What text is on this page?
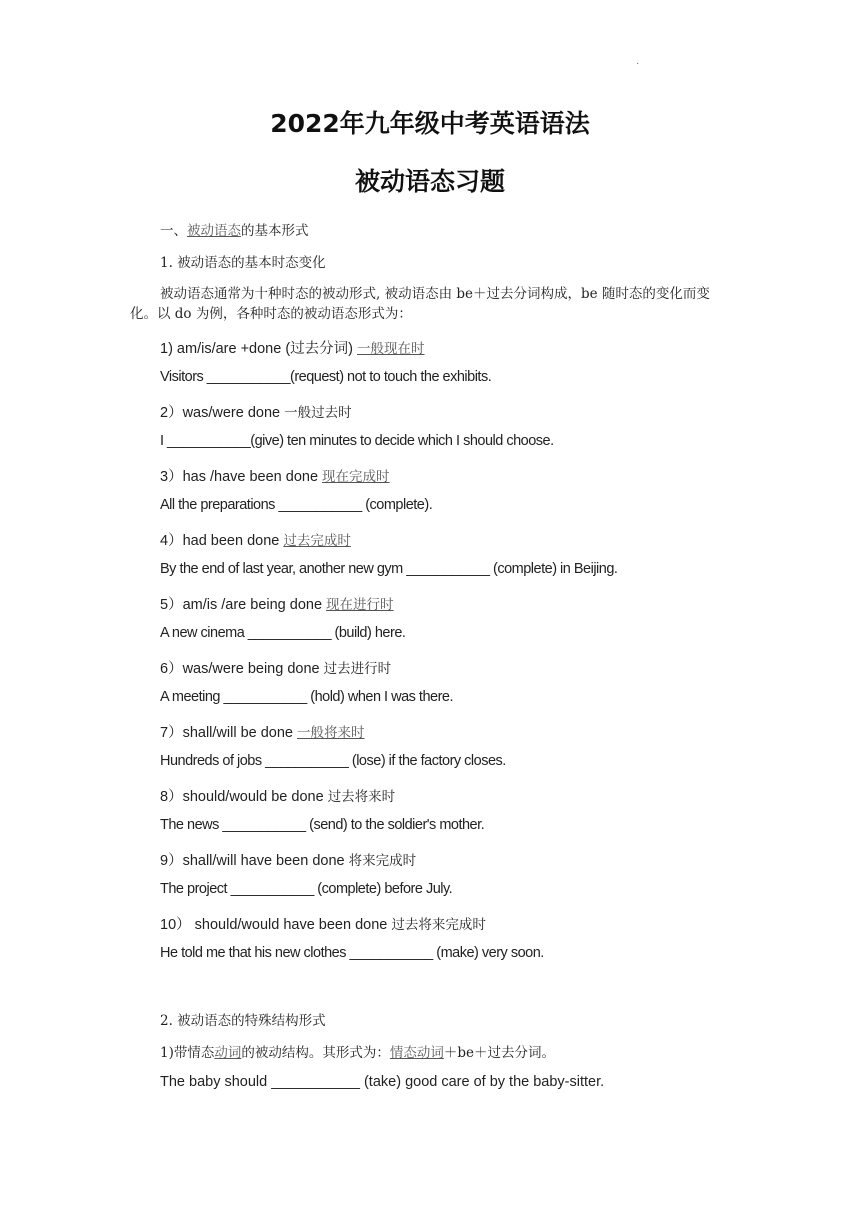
·
2022年九年级中考英语语法
被动语态习题
一、被动语态的基本形式
1. 被动语态的基本时态变化
被动语态通常为十种时态的被动形式, 被动语态由 be＋过去分词构成，be 随时态的变化而变化。以 do 为例，各种时态的被动语态形式为：
1) am/is/are +done (过去分词) 一般现在时
Visitors ___________(request) not to touch the exhibits.
2）was/were done 一般过去时
I ___________(give) ten minutes to decide which I should choose.
3）has /have been done 现在完成时
All the preparations ___________ (complete).
4）had been done 过去完成时
By the end of last year, another new gym ___________ (complete) in Beijing.
5）am/is /are being done 现在进行时
A new cinema ___________ (build) here.
6）was/were being done 过去进行时
A meeting ___________ (hold) when I was there.
7）shall/will be done 一般将来时
Hundreds of jobs ___________ (lose) if the factory closes.
8）should/would be done 过去将来时
The news ___________ (send) to the soldier's mother.
9）shall/will have been done 将来完成时
The project ___________ (complete) before July.
10） should/would have been done 过去将来完成时
He told me that his new clothes ___________ (make) very soon.
2. 被动语态的特殊结构形式
1)带情态动词的被动结构。其形式为：情态动词＋be＋过去分词。
The baby should ___________ (take) good care of by the baby-sitter.
